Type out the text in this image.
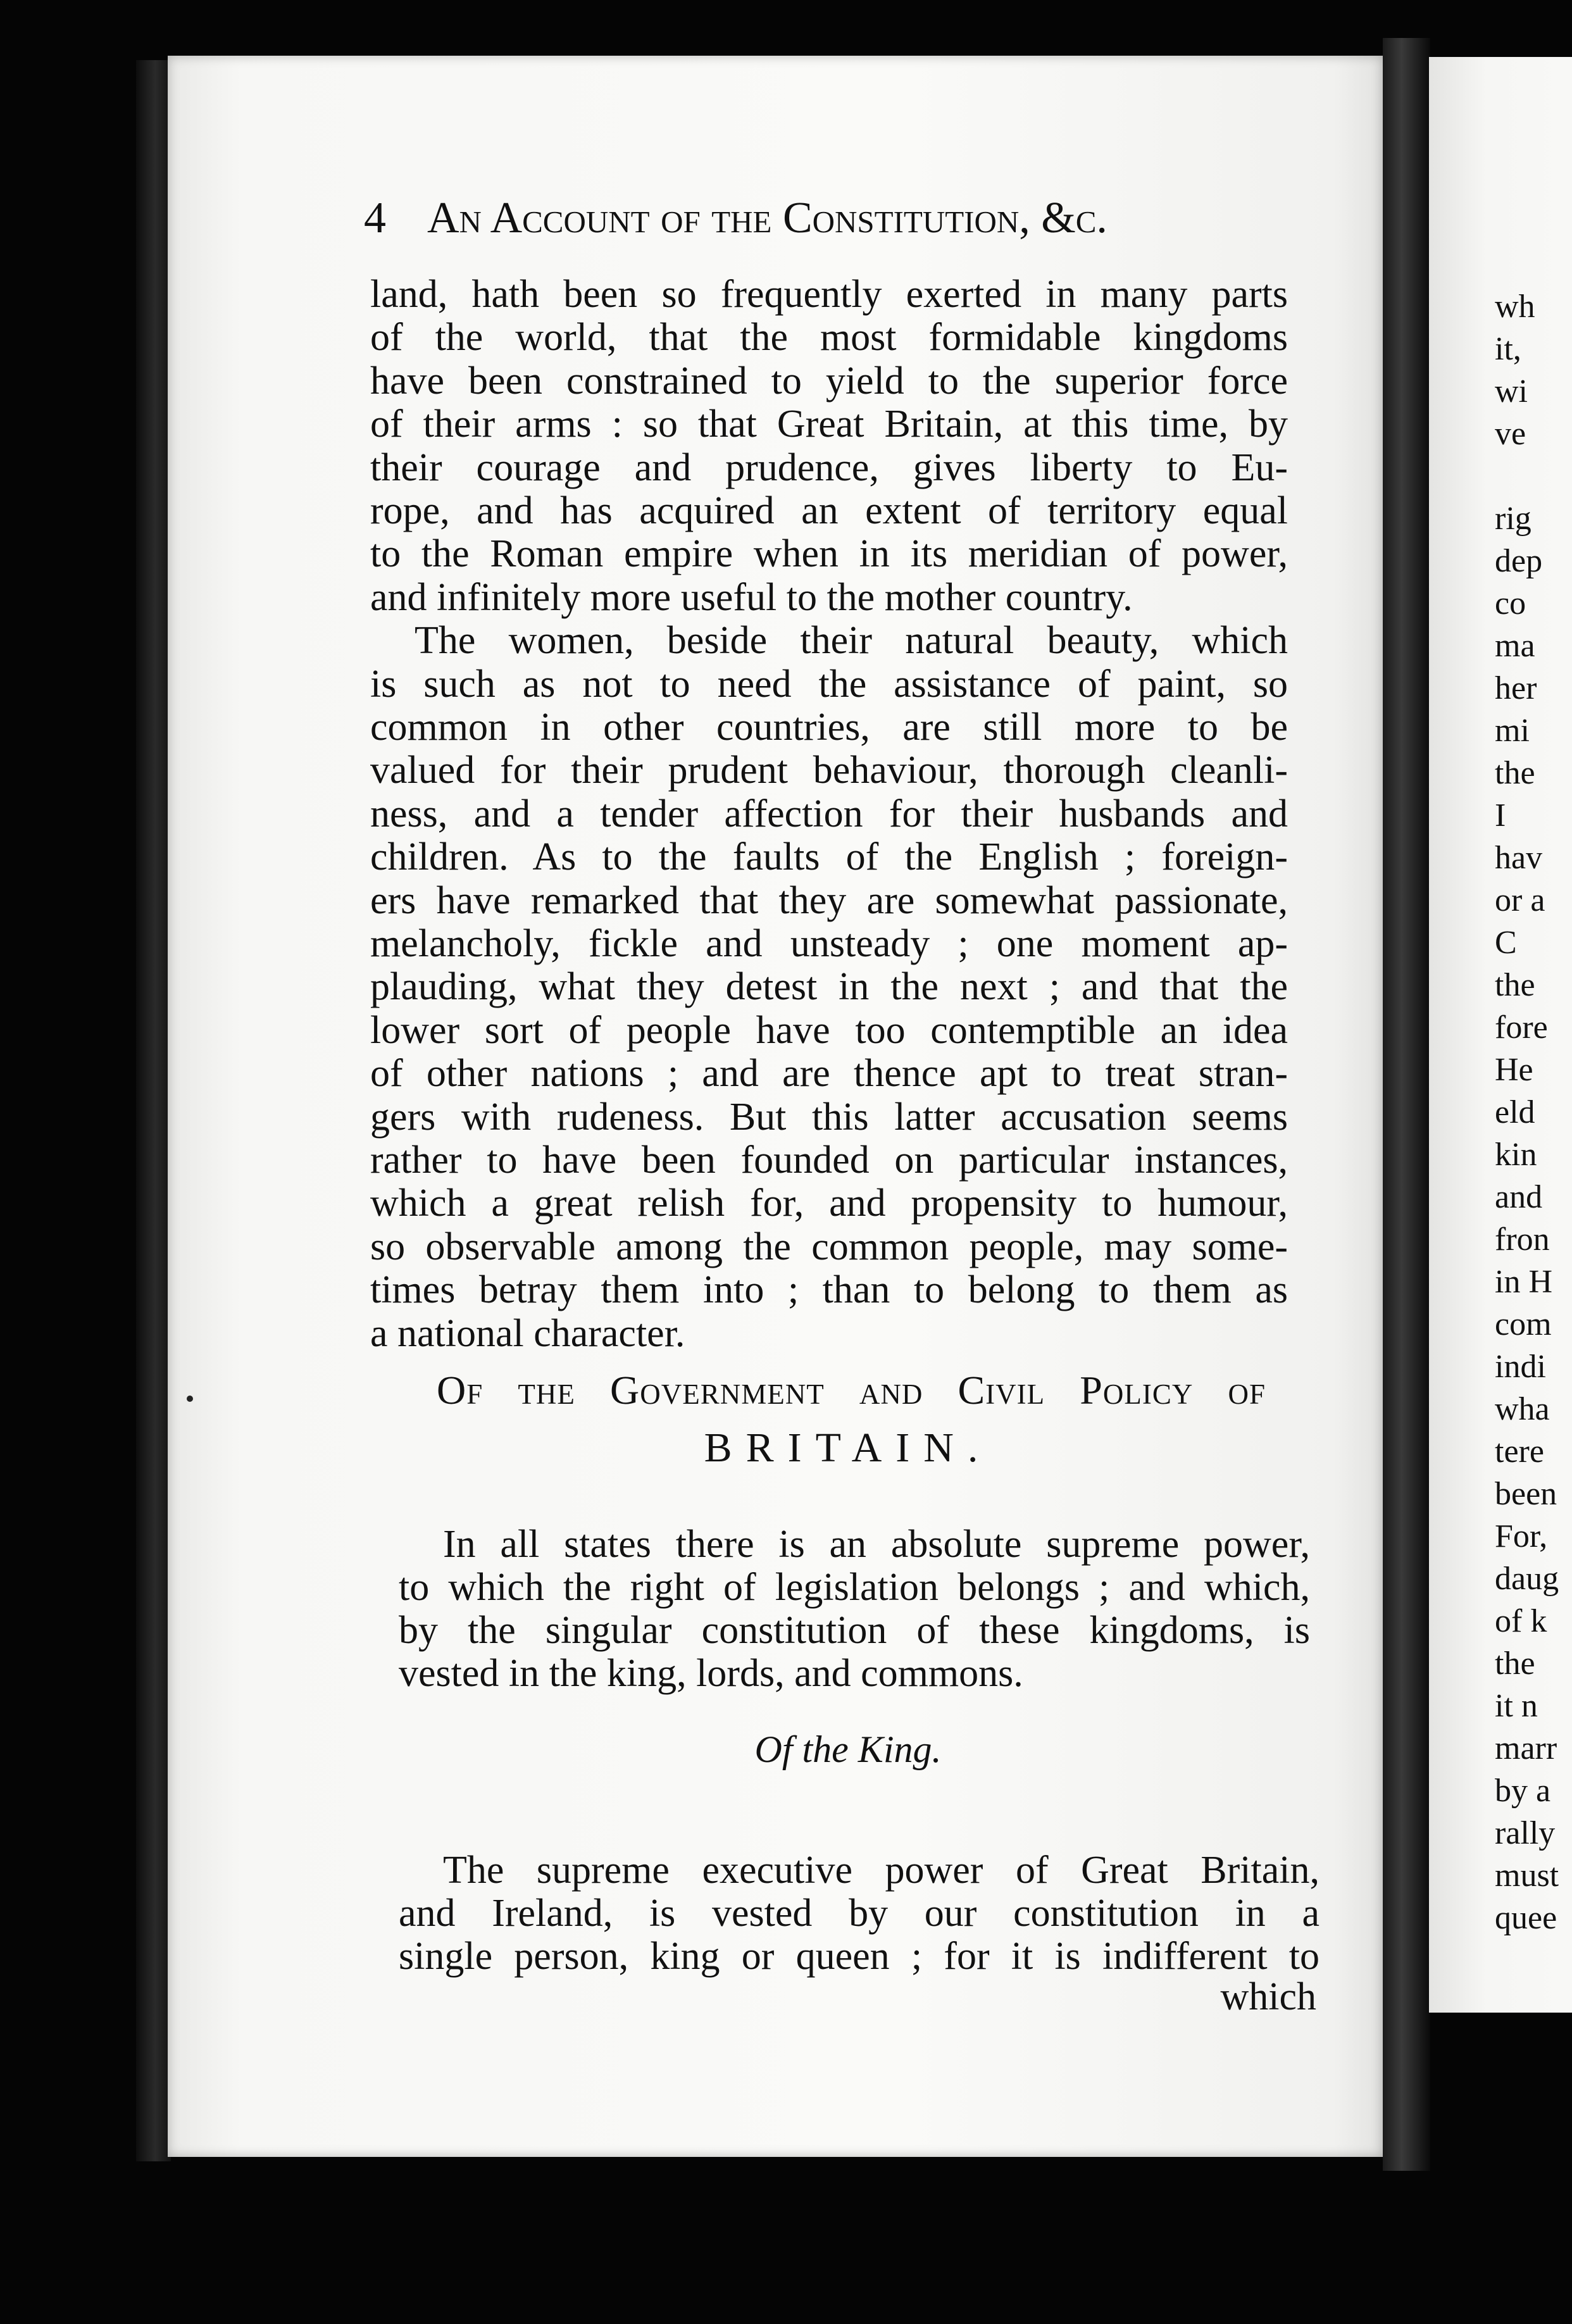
4 An Account of the Constitution, &c.
land, hath been so frequently exerted in many parts
of the world, that the most formidable kingdoms
have been constrained to yield to the superior force
of their arms : so that Great Britain, at this time, by
their courage and prudence, gives liberty to Eu-
rope, and has acquired an extent of territory equal
to the Roman empire when in its meridian of power,
and infinitely more useful to the mother country.
The women, beside their natural beauty, which
is such as not to need the assistance of paint, so
common in other countries, are still more to be
valued for their prudent behaviour, thorough cleanli-
ness, and a tender affection for their husbands and
children. As to the faults of the English ; foreign-
ers have remarked that they are somewhat passionate,
melancholy, fickle and unsteady ; one moment ap-
plauding, what they detest in the next ; and that the
lower sort of people have too contemptible an idea
of other nations ; and are thence apt to treat stran-
gers with rudeness. But this latter accusation seems
rather to have been founded on particular instances,
which a great relish for, and propensity to humour,
so observable among the common people, may some-
times betray them into ; than to belong to them as
a national character.
Of the Government and Civil Policy of
BRITAIN.
In all states there is an absolute supreme power,
to which the right of legislation belongs ; and which,
by the singular constitution of these kingdoms, is
vested in the king, lords, and commons.
Of the King.
The supreme executive power of Great Britain,
and Ireland, is vested by our constitution in a
single person, king or queen ; for it is indifferent to
which
wh
it,
wi
ve
rig
dep
co
ma
her
mi
the
I
hav
or a
C
the
fore
He
eld
kin
and
fron
in H
com
indi
wha
tere
been
For,
daug
of k
the
it n
marr
by a
rally
must
quee
